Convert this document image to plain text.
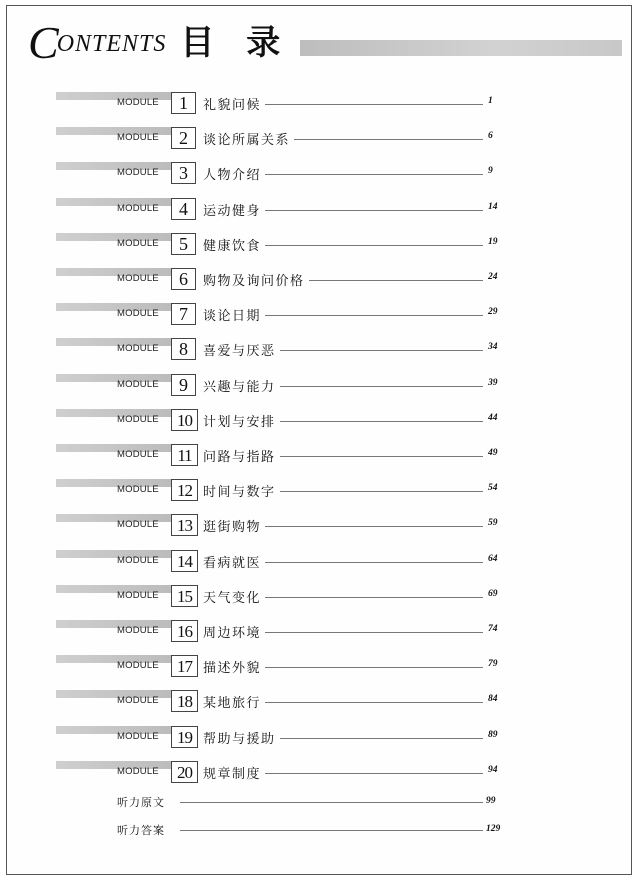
C
ONTENTS 目 录
MODULE	1	礼貌问候	1
MODULE	2	谈论所属关系	6
MODULE	3	人物介绍	9
MODULE	4	运动健身	14
MODULE	5	健康饮食	19
MODULE	6	购物及询问价格	24
MODULE	7	谈论日期	29
MODULE	8	喜爱与厌恶	34
MODULE	9	兴趣与能力	39
MODULE	10 计划与安排	44
MODULE	11 问路与指路	49
MODULE	12 时间与数字	54
MODULE	13 逛街购物	59
MODULE	14 看病就医	64
MODULE	15 天气变化	69
MODULE	16 周边环境	74
MODULE	17 描述外貌	79
MODULE	18 某地旅行	84
MODULE	19 帮助与援助	89
MODULE	20 规章制度	94
听力原文	99
听力答案	129
